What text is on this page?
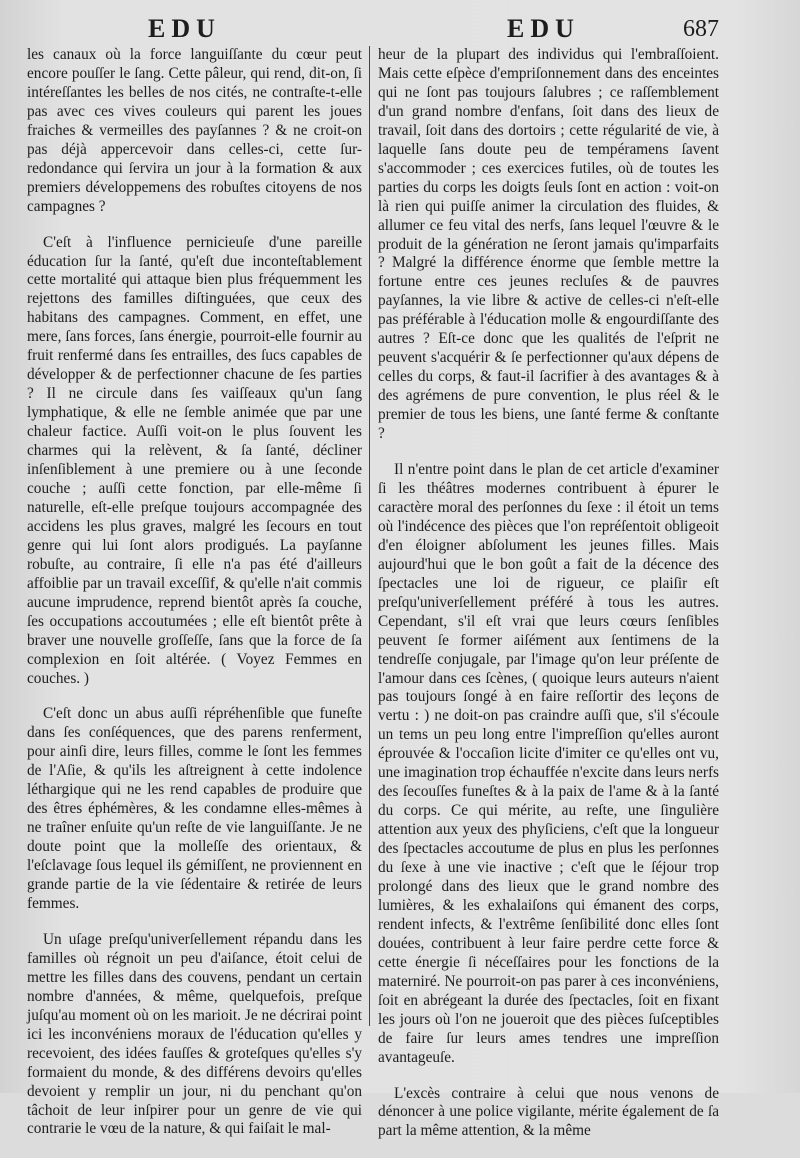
EDU	EDU	687

les canaux où la force languiſſante du cœur peut encore pouſſer le ſang. Cette pâleur, qui rend, dit-on, ſi intéreſſantes les belles de nos cités, ne contraſte-t-elle pas avec ces vives couleurs qui parent les joues fraiches & vermeilles des payſannes ? & ne croit-on pas déjà appercevoir dans celles-ci, cette ſur-redondance qui ſervira un jour à la formation & aux premiers développemens des robuſtes citoyens de nos campagnes ?

C'eſt à l'influence pernicieuſe d'une pareille éducation ſur la ſanté, qu'eſt due inconteſtablement cette mortalité qui attaque bien plus fréquemment les rejettons des familles diſtinguées, que ceux des habitans des campagnes. Comment, en effet, une mere, ſans forces, ſans énergie, pourroit-elle fournir au fruit renfermé dans ſes entrailles, des ſucs capables de développer & de perfectionner chacune de ſes parties ? Il ne circule dans ſes vaiſſeaux qu'un ſang lymphatique, & elle ne ſemble animée que par une chaleur factice. Auſſi voit-on le plus ſouvent les charmes qui la relèvent, & ſa ſanté, décliner inſenſiblement à une premiere ou à une ſeconde couche ; auſſi cette fonction, par elle-même ſi naturelle, eſt-elle preſque toujours accompagnée des accidens les plus graves, malgré les ſecours en tout genre qui lui ſont alors prodigués. La payſanne robuſte, au contraire, ſi elle n'a pas été d'ailleurs affoiblie par un travail exceſſif, & qu'elle n'ait commis aucune imprudence, reprend bientôt après ſa couche, ſes occupations accoutumées ; elle eſt bientôt prête à braver une nouvelle groſſeſſe, ſans que la force de ſa complexion en ſoit altérée. ( Voyez Femmes en couches. )

C'eſt donc un abus auſſi répréhenſible que funeſte dans ſes conſéquences, que des parens renferment, pour ainſi dire, leurs filles, comme le ſont les femmes de l'Aſie, & qu'ils les aſtreignent à cette indolence léthargique qui ne les rend capables de produire que des êtres éphémères, & les condamne elles-mêmes à ne traîner enſuite qu'un reſte de vie languiſſante. Je ne doute point que la molleſſe des orientaux, & l'eſclavage ſous lequel ils gémiſſent, ne proviennent en grande partie de la vie ſédentaire & retirée de leurs femmes.

Un uſage preſqu'univerſellement répandu dans les familles où régnoit un peu d'aiſance, étoit celui de mettre les filles dans des couvens, pendant un certain nombre d'années, & même, quelquefois, preſque juſqu'au moment où on les marioit. Je ne décrirai point ici les inconvéniens moraux de l'éducation qu'elles y recevoient, des idées fauſſes & groteſques qu'elles s'y formaient du monde, & des différens devoirs qu'elles devoient y remplir un jour, ni du penchant qu'on tâchoit de leur inſpirer pour un genre de vie qui contrarie le vœu de la nature, & qui faiſait le mal-

heur de la plupart des individus qui l'embraſſoient. Mais cette eſpèce d'empriſonnement dans des enceintes qui ne ſont pas toujours ſalubres ; ce raſſemblement d'un grand nombre d'enfans, ſoit dans des lieux de travail, ſoit dans des dortoirs ; cette régularité de vie, à laquelle ſans doute peu de tempéramens ſavent s'accommoder ; ces exercices futiles, où de toutes les parties du corps les doigts ſeuls ſont en action : voit-on là rien qui puiſſe animer la circulation des fluides, & allumer ce feu vital des nerfs, ſans lequel l'œuvre & le produit de la génération ne ſeront jamais qu'imparfaits ? Malgré la différence énorme que ſemble mettre la fortune entre ces jeunes recluſes & de pauvres payſannes, la vie libre & active de celles-ci n'eſt-elle pas préférable à l'éducation molle & engourdiſſante des autres ? Eſt-ce donc que les qualités de l'eſprit ne peuvent s'acquérir & ſe perfectionner qu'aux dépens de celles du corps, & faut-il ſacrifier à des avantages & à des agrémens de pure convention, le plus réel & le premier de tous les biens, une ſanté ferme & conſtante ?

Il n'entre point dans le plan de cet article d'examiner ſi les théâtres modernes contribuent à épurer le caractère moral des perſonnes du ſexe : il étoit un tems où l'indécence des pièces que l'on repréſentoit obligeoit d'en éloigner abſolument les jeunes filles. Mais aujourd'hui que le bon goût a fait de la décence des ſpectacles une loi de rigueur, ce plaiſir eſt preſqu'univerſellement préféré à tous les autres. Cependant, s'il eſt vrai que leurs cœurs ſenſibles peuvent ſe former aiſément aux ſentimens de la tendreſſe conjugale, par l'image qu'on leur préſente de l'amour dans ces ſcènes, ( quoique leurs auteurs n'aient pas toujours ſongé à en faire reſſortir des leçons de vertu : ) ne doit-on pas craindre auſſi que, s'il s'écoule un tems un peu long entre l'impreſſion qu'elles auront éprouvée & l'occaſion licite d'imiter ce qu'elles ont vu, une imagination trop échauffée n'excite dans leurs nerfs des ſecouſſes funeſtes & à la paix de l'ame & à la ſanté du corps. Ce qui mérite, au reſte, une ſingulière attention aux yeux des phyſiciens, c'eſt que la longueur des ſpectacles accoutume de plus en plus les perſonnes du ſexe à une vie inactive ; c'eſt que le ſéjour trop prolongé dans des lieux que le grand nombre des lumières, & les exhalaiſons qui émanent des corps, rendent infects, & l'extrême ſenſibilité donc elles ſont douées, contribuent à leur faire perdre cette force & cette énergie ſi néceſſaires pour les fonctions de la materniré. Ne pourroit-on pas parer à ces inconvéniens, ſoit en abrégeant la durée des ſpectacles, ſoit en fixant les jours où l'on ne joueroit que des pièces ſuſceptibles de faire ſur leurs ames tendres une impreſſion avantageuſe.

L'excès contraire à celui que nous venons de dénoncer à une police vigilante, mérite également de ſa part la même attention, & la même
